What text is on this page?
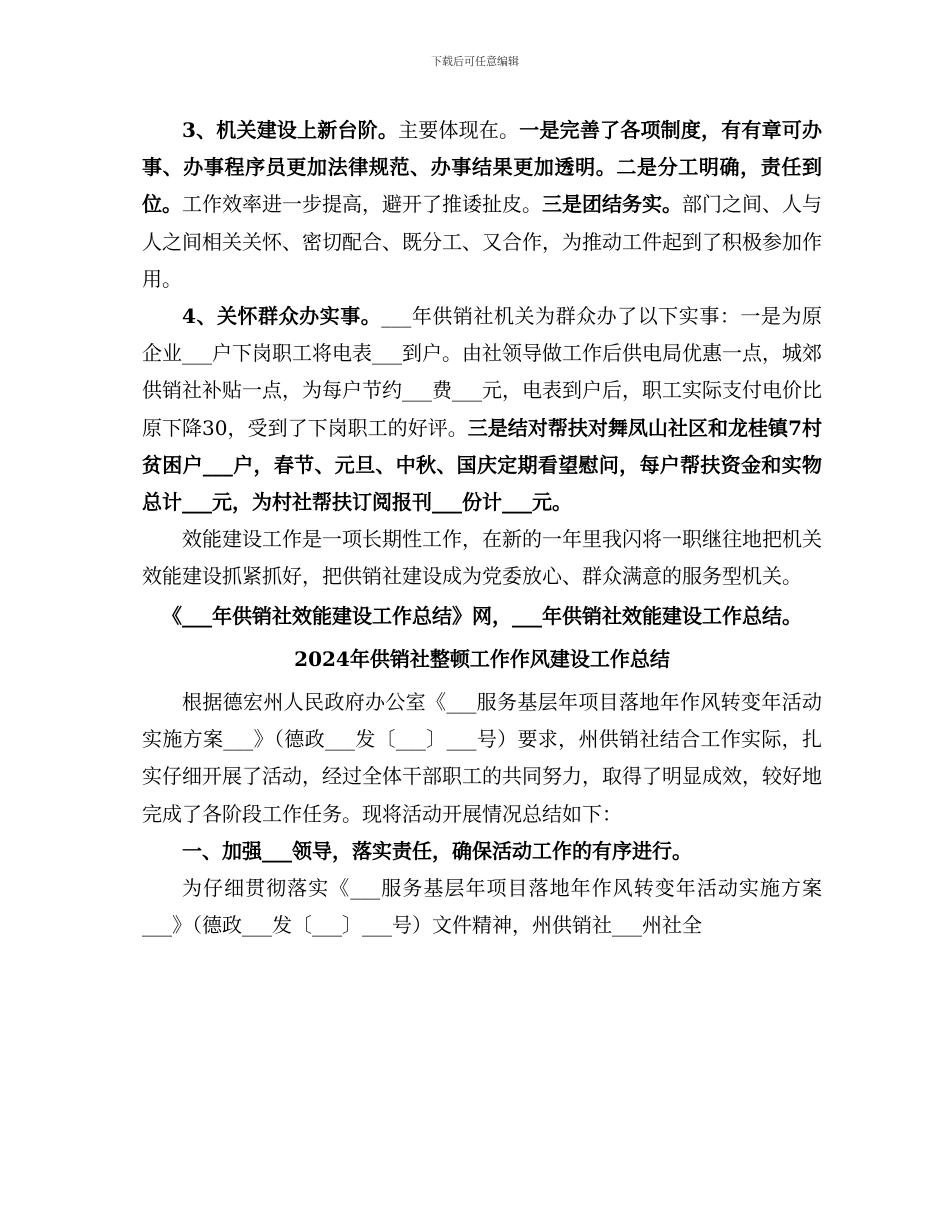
下载后可任意编辑

3、机关建设上新台阶。主要体现在。一是完善了各项制度，有有章可办事、办事程序员更加法律规范、办事结果更加透明。二是分工明确，责任到位。工作效率进一步提高，避开了推诿扯皮。三是团结务实。部门之间、人与人之间相关关怀、密切配合、既分工、又合作，为推动工件起到了积极参加作用。

4、关怀群众办实事。___年供销社机关为群众办了以下实事：一是为原企业___户下岗职工将电表___到户。由社领导做工作后供电局优惠一点，城郊供销社补贴一点，为每户节约___费___元，电表到户后，职工实际支付电价比原下降30，受到了下岗职工的好评。三是结对帮扶对舞凤山社区和龙桂镇7村贫困户___户，春节、元旦、中秋、国庆定期看望慰问，每户帮扶资金和实物总计___元，为村社帮扶订阅报刊___份计___元。

效能建设工作是一项长期性工作，在新的一年里我闪将一职继往地把机关效能建设抓紧抓好，把供销社建设成为党委放心、群众满意的服务型机关。

《___年供销社效能建设工作总结》网，___年供销社效能建设工作总结。

2024年供销社整顿工作作风建设工作总结

根据德宏州人民政府办公室《___服务基层年项目落地年作风转变年活动实施方案___》（德政___发〔___〕___号）要求，州供销社结合工作实际，扎实仔细开展了活动，经过全体干部职工的共同努力，取得了明显成效，较好地完成了各阶段工作任务。现将活动开展情况总结如下：

一、加强___领导，落实责任，确保活动工作的有序进行。

为仔细贯彻落实《___服务基层年项目落地年作风转变年活动实施方案___》（德政___发〔___〕___号）文件精神，州供销社___州社全
